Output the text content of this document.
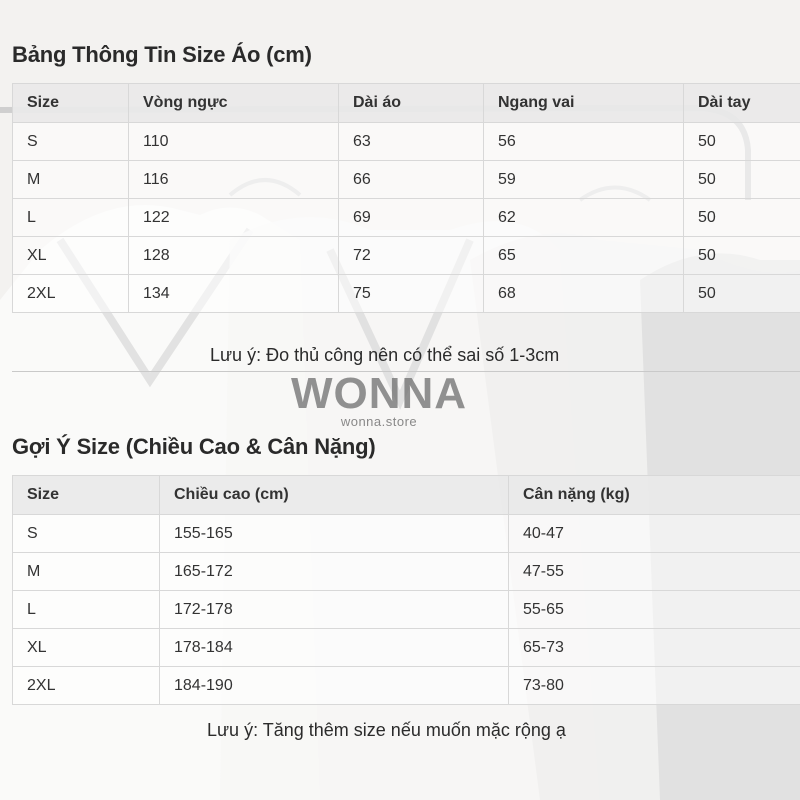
Bảng Thông Tin Size Áo (cm)
Size	Vòng ngực	Dài áo	Ngang vai	Dài tay
S	110	63	56	50
M	116	66	59	50
L	122	69	62	50
XL	128	72	65	50
2XL	134	75	68	50

Lưu ý: Đo thủ công nên có thể sai số 1-3cm

WONNA
wonna.store
Gợi Ý Size (Chiều Cao & Cân Nặng)
Size	Chiều cao (cm)	Cân nặng (kg)
S	155-165	40-47
M	165-172	47-55
L	172-178	55-65
XL	178-184	65-73
2XL	184-190	73-80

Lưu ý: Tăng thêm size nếu muốn mặc rộng ạ
